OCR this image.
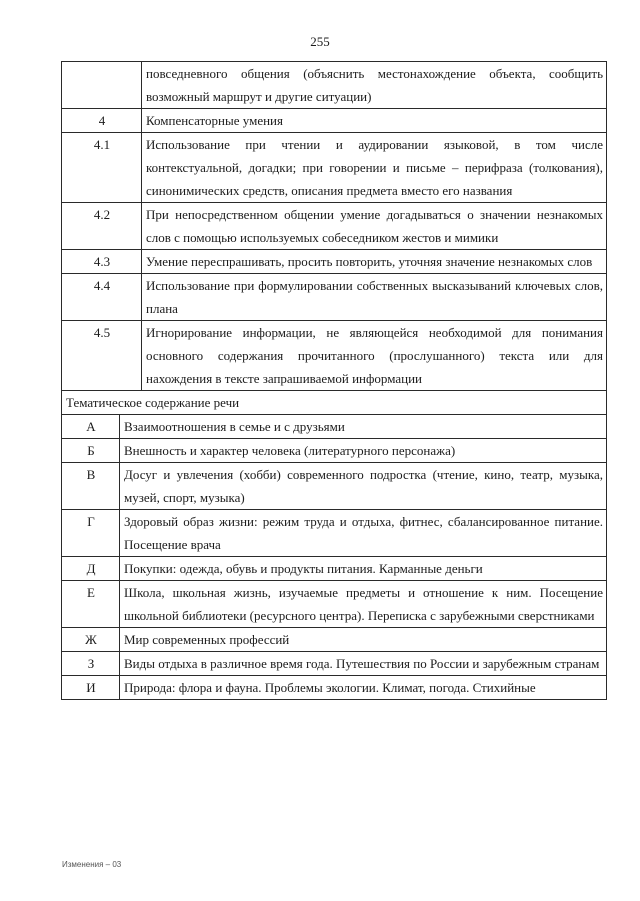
255

		повседневного общения (объяснить местонахождение объекта, сообщить возможный маршрут и другие ситуации)

4		Компенсаторные умения

4.1		Использование при чтении и аудировании языковой, в том числе контекстуальной, догадки; при говорении и письме – перифраза (толкования), синонимических средств, описания предмета вместо его названия

4.2		При непосредственном общении умение догадываться о значении незнакомых слов с помощью используемых собеседником жестов и мимики

4.3		Умение переспрашивать, просить повторить, уточняя значение незнакомых слов

4.4		Использование при формулировании собственных высказываний ключевых слов, плана

4.5		Игнорирование информации, не являющейся необходимой для понимания основного содержания прочитанного (прослушанного) текста или для нахождения в тексте запрашиваемой информации

Тематическое содержание речи		
А	Взаимоотношения в семье и с друзьями	

Б	Внешность и характер человека (литературного персонажа)	

В	Досуг и увлечения (хобби) современного подростка (чтение, кино, театр, музыка, музей, спорт, музыка)	

Г	Здоровый образ жизни: режим труда и отдыха, фитнес, сбалансированное питание. Посещение врача	

Д	Покупки: одежда, обувь и продукты питания. Карманные деньги	

Е	Школа, школьная жизнь, изучаемые предметы и отношение к ним. Посещение школьной библиотеки (ресурсного центра). Переписка с зарубежными сверстниками	

Ж	Мир современных профессий	

З	Виды отдыха в различное время года. Путешествия по России и зарубежным странам	

И	Природа: флора и фауна. Проблемы экологии. Климат, погода. Стихийные	
Изменения – 03
